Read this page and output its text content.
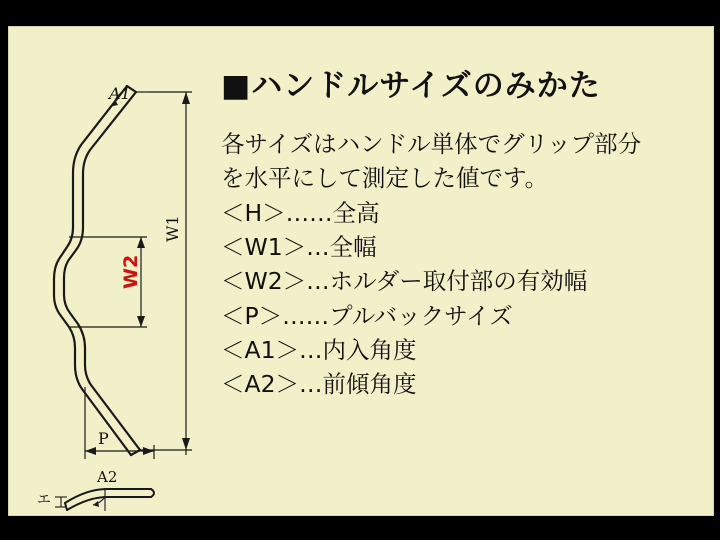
A1
W1
W2
P
A2
エ
■ハンドルサイズのみかた
各サイズはハンドル単体でグリップ部分
を水平にして測定した値です。
＜H＞……全高
＜W1＞…全幅
＜W2＞…ホルダー取付部の有効幅
＜P＞……プルバックサイズ
＜A1＞…内入角度
＜A2＞…前傾角度
